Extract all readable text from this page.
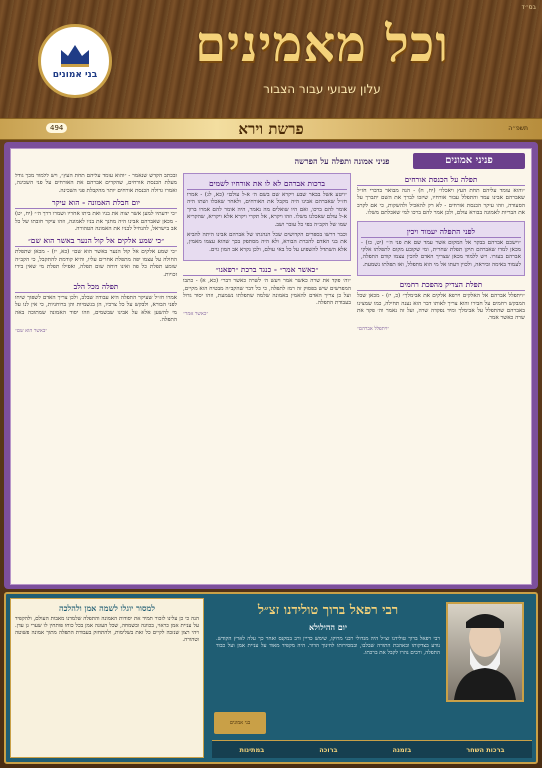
בס״ד
בני אמונים
וכל מאמינים
עלון שבועי עבור הצבור
494	פרשת וירא	תשפ״ה
פניני אמונים
פניני אמונה ותפלה על הפרשה
תפלה על הכנסת אורחים
״והוא עומד עליהם תחת העץ ויאכלו״ (יח, ח) - הנה מבואר בדברי חז״ל שאברהם אבינו עמד והתפלל עבור אורחיו, שיזכו לברך את השם יתברך על הסעודה, וזהו עיקר הכנסת אורחים - לא רק להאכיל ולהשקות, כי אם לקרב את הבריות לאמונה בבורא עולם, ולכן אמר להם ברכו למי שאכלתם משלו.
לפני התפלה יעמוד ויכין
״וישכם אברהם בבקר אל המקום אשר עמד שם את פני ה׳״ (יט, כז) - מכאן למדו שאברהם תיקן תפלת שחרית, ומי שקובע מקום לתפלתו אלקי אברהם בעזרו. ויש ללמוד מכאן שצריך האדם להכין עצמו קודם התפלה, לעמוד באימה וביראה, ולכוין דעתו אל מי הוא מתפלל, ואז תפלתו נשמעת.
תפלת הצדיק מהפכת רחמים
״ויתפלל אברהם אל האלקים וירפא אלקים את אבימלך״ (כ, יז) - מכאן שכל המבקש רחמים על חבירו והוא צריך לאותו דבר הוא נענה תחילה, כמו שמצינו באברהם שהתפלל על אבימלך ומיד נפקדה שרה, ועל זה נאמר וה׳ פקד את שרה כאשר אמר.
״ויתפלל אברהם״
ברכות אברהם לא לו את אורחיו לשמים
״ויטע אשל בבאר שבע ויקרא שם בשם ה׳ א-ל עולם״ (כא, לג) - אמרו חז״ל שאברהם אבינו היה מקבל את האורחים, ולאחר שאכלו ושתו היה אומר להם ברכו, ואם היו שואלים מה נאמר, היה אומר להם אמרו ברוך א-ל עולם שאכלנו משלו. וזהו ויקרא, אל תקרי ויקרא אלא ויקריא, שהקריא שמו של הקב״ה בפי כל עובר ושב.
וכבר דרשו בספרים הקדושים שכל הנהגתו של אברהם אבינו היתה להביא את בני האדם להכרת הבורא, ולא היה מסתפק בכך שהוא עצמו מאמין, אלא השתדל להשפיע על כל באי עולם, ולכן נקרא אב המון גוים.
״כאשר אמר״ - כנגד ברכת ״רפאנו״
״וה׳ פקד את שרה כאשר אמר ויעש ה׳ לשרה כאשר דבר״ (כא, א) - כתבו המפרשים שיש בפסוק זה רמז לתפלה, כי כל דבר שהקב״ה מבטיח הוא מקיים, ועל כן צריך האדם להאמין באמונה שלמה שתפלתו נשמעת, וזהו יסוד גדול בעבודת התפלה.
״כאשר אמר״
ובכתב הקדש שנאמר - ״והוא עומד עליהם תחת העץ״, ויש ללמוד מכך גודל מעלת הכנסת אורחים, שהקדים אברהם את האורחים על פני השכינה, ואמרו גדולה הכנסת אורחים יותר מהקבלת פני השכינה.
יום חבלת האמונה - הוא עיקר
״כי ידעתיו למען אשר יצוה את בניו ואת ביתו אחריו ושמרו דרך ה׳״ (יח, יט) - מכאן שאברהם אבינו היה מחנך את בניו לאמונה, וזהו עיקר חובתו של כל אב בישראל, להנחיל לבניו את האמונה הטהורה.
״כי שמע אלקים אל קול הנער באשר הוא שם״
״כי שמע אלקים אל קול הנער באשר הוא שם״ (כא, יז) - מכאן שתפלת החולה על עצמו יפה מתפלת אחרים עליו, והיא קודמת להתקבל, כי הקב״ה שומע תפלת כל פה ואינו דוחה שום תפלה, ואפילו תפלת מי שאין בידו זכויות.
תפלה מכל הלב
אמרו חז״ל שעיקר התפלה היא עבודה שבלב, ולכן צריך האדם לשפוך שיחו לפני הבורא, ולבקש על כל צרכיו, הן בגשמיות והן ברוחניות, כי אין לנו על מי להשען אלא על אבינו שבשמים, וזהו יסוד האמונה שמתוכה באה התפלה.
״באשר הוא שם״
למסור יוגלו לשמה אמן ולהלכה
הנה כי כן עלינו לזכור תמיד את יסודות האמונה והתפלה שלמדנו מאבות העולם, ולהקפיד על עניית אמן כראוי, בכוונה ובשמחה, שכל העונה אמן בכל כוחו פותחין לו שערי גן עדן. ויהי רצון שנזכה לקיים כל זאת בשלימות, ולהתחזק בעבודת התפלה מתוך אמונה פשוטה וטהורה.
רבי רפאל ברוך טולידנו זצ״ל
יום ההילולא
רבי רפאל ברוך טולידנו זצ״ל היה מגדולי רבני מרוקו, שימש כדיין ורב במקנס ואחר כך עלה לארץ הקודש. נודע בצדקותו ובאהבת התורה שבלבו, ובמסירותו לחינוך הדור. היה מקפיד מאוד על עניית אמן ועל כבוד התפלה, ורבים נהרו לקבל את ברכתו.
בני אמונים
ברכות השחר
בזמנה
ברוכה
במתינות
